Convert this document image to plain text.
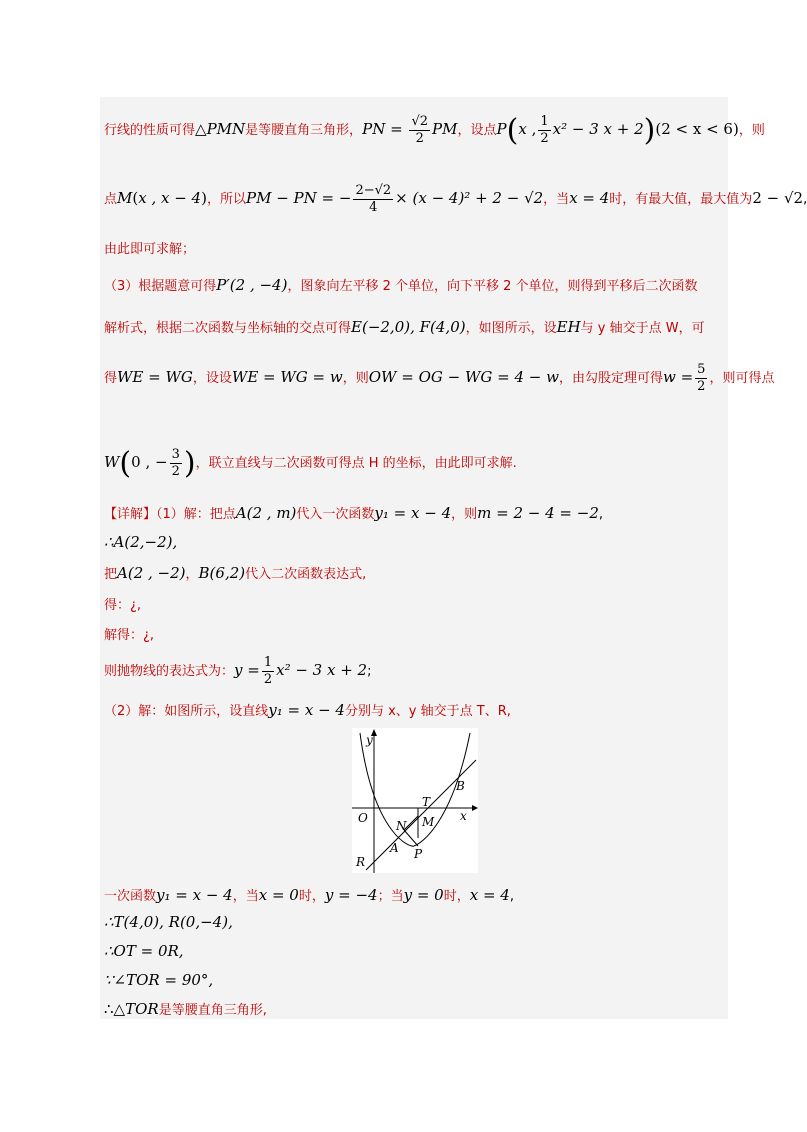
行线的性质可得△PMN是等腰直角三角形，PN = $\frac{√2}{2}$ PM，设点P(x , $\frac{1}{2} x^2 - 3$ x + 2)(2 < x < 6)，则
点M(x , x − 4)，所以PM − PN = − $\frac{2-√2}{4} \times (x - 4)^2 + 2 - √2$，当x = 4时，有最大值，最大值为2 − √2,
由此即可求解；
（3）根据题意可得P′(2 , −4)，图象向左平移 2 个单位，向下平移 2 个单位，则得到平移后二次函数
解析式，根据二次函数与坐标轴的交点可得E(−2,0), F(4,0)，如图所示，设EH与 y 轴交于点 W，可
得WE = WG，设设WE = WG = w，则OW = OG − WG = 4 − w，由勾股定理可得$w = \frac{5}{2}$ ，则可得点
W(0 , − $\frac{3}{2}$ )，联立直线与二次函数可得点 H 的坐标，由此即可求解.
【详解】（1）解：把点A(2 , m)代入一次函数y₁ = x − 4，则m = 2 − 4 = −2,
∴A(2,−2),
把A(2 , −2)，B(6,2)代入二次函数表达式,
得：¿,
解得：¿,
则抛物线的表达式为：$y = \frac{1}{2} x^2 - 3$ x + 2;
（2）解：如图所示，设直线y₁ = x − 4分别与 x、y 轴交于点 T、R,
y
x
O
B
T
N M
A P
R
一次函数y₁ = x − 4，当x = 0时，y = −4；当y = 0时，x = 4,
∴T(4,0), R(0,−4),
∴OT = 0R,
∵∠TOR = 90°,
∴△TOR是等腰直角三角形,
